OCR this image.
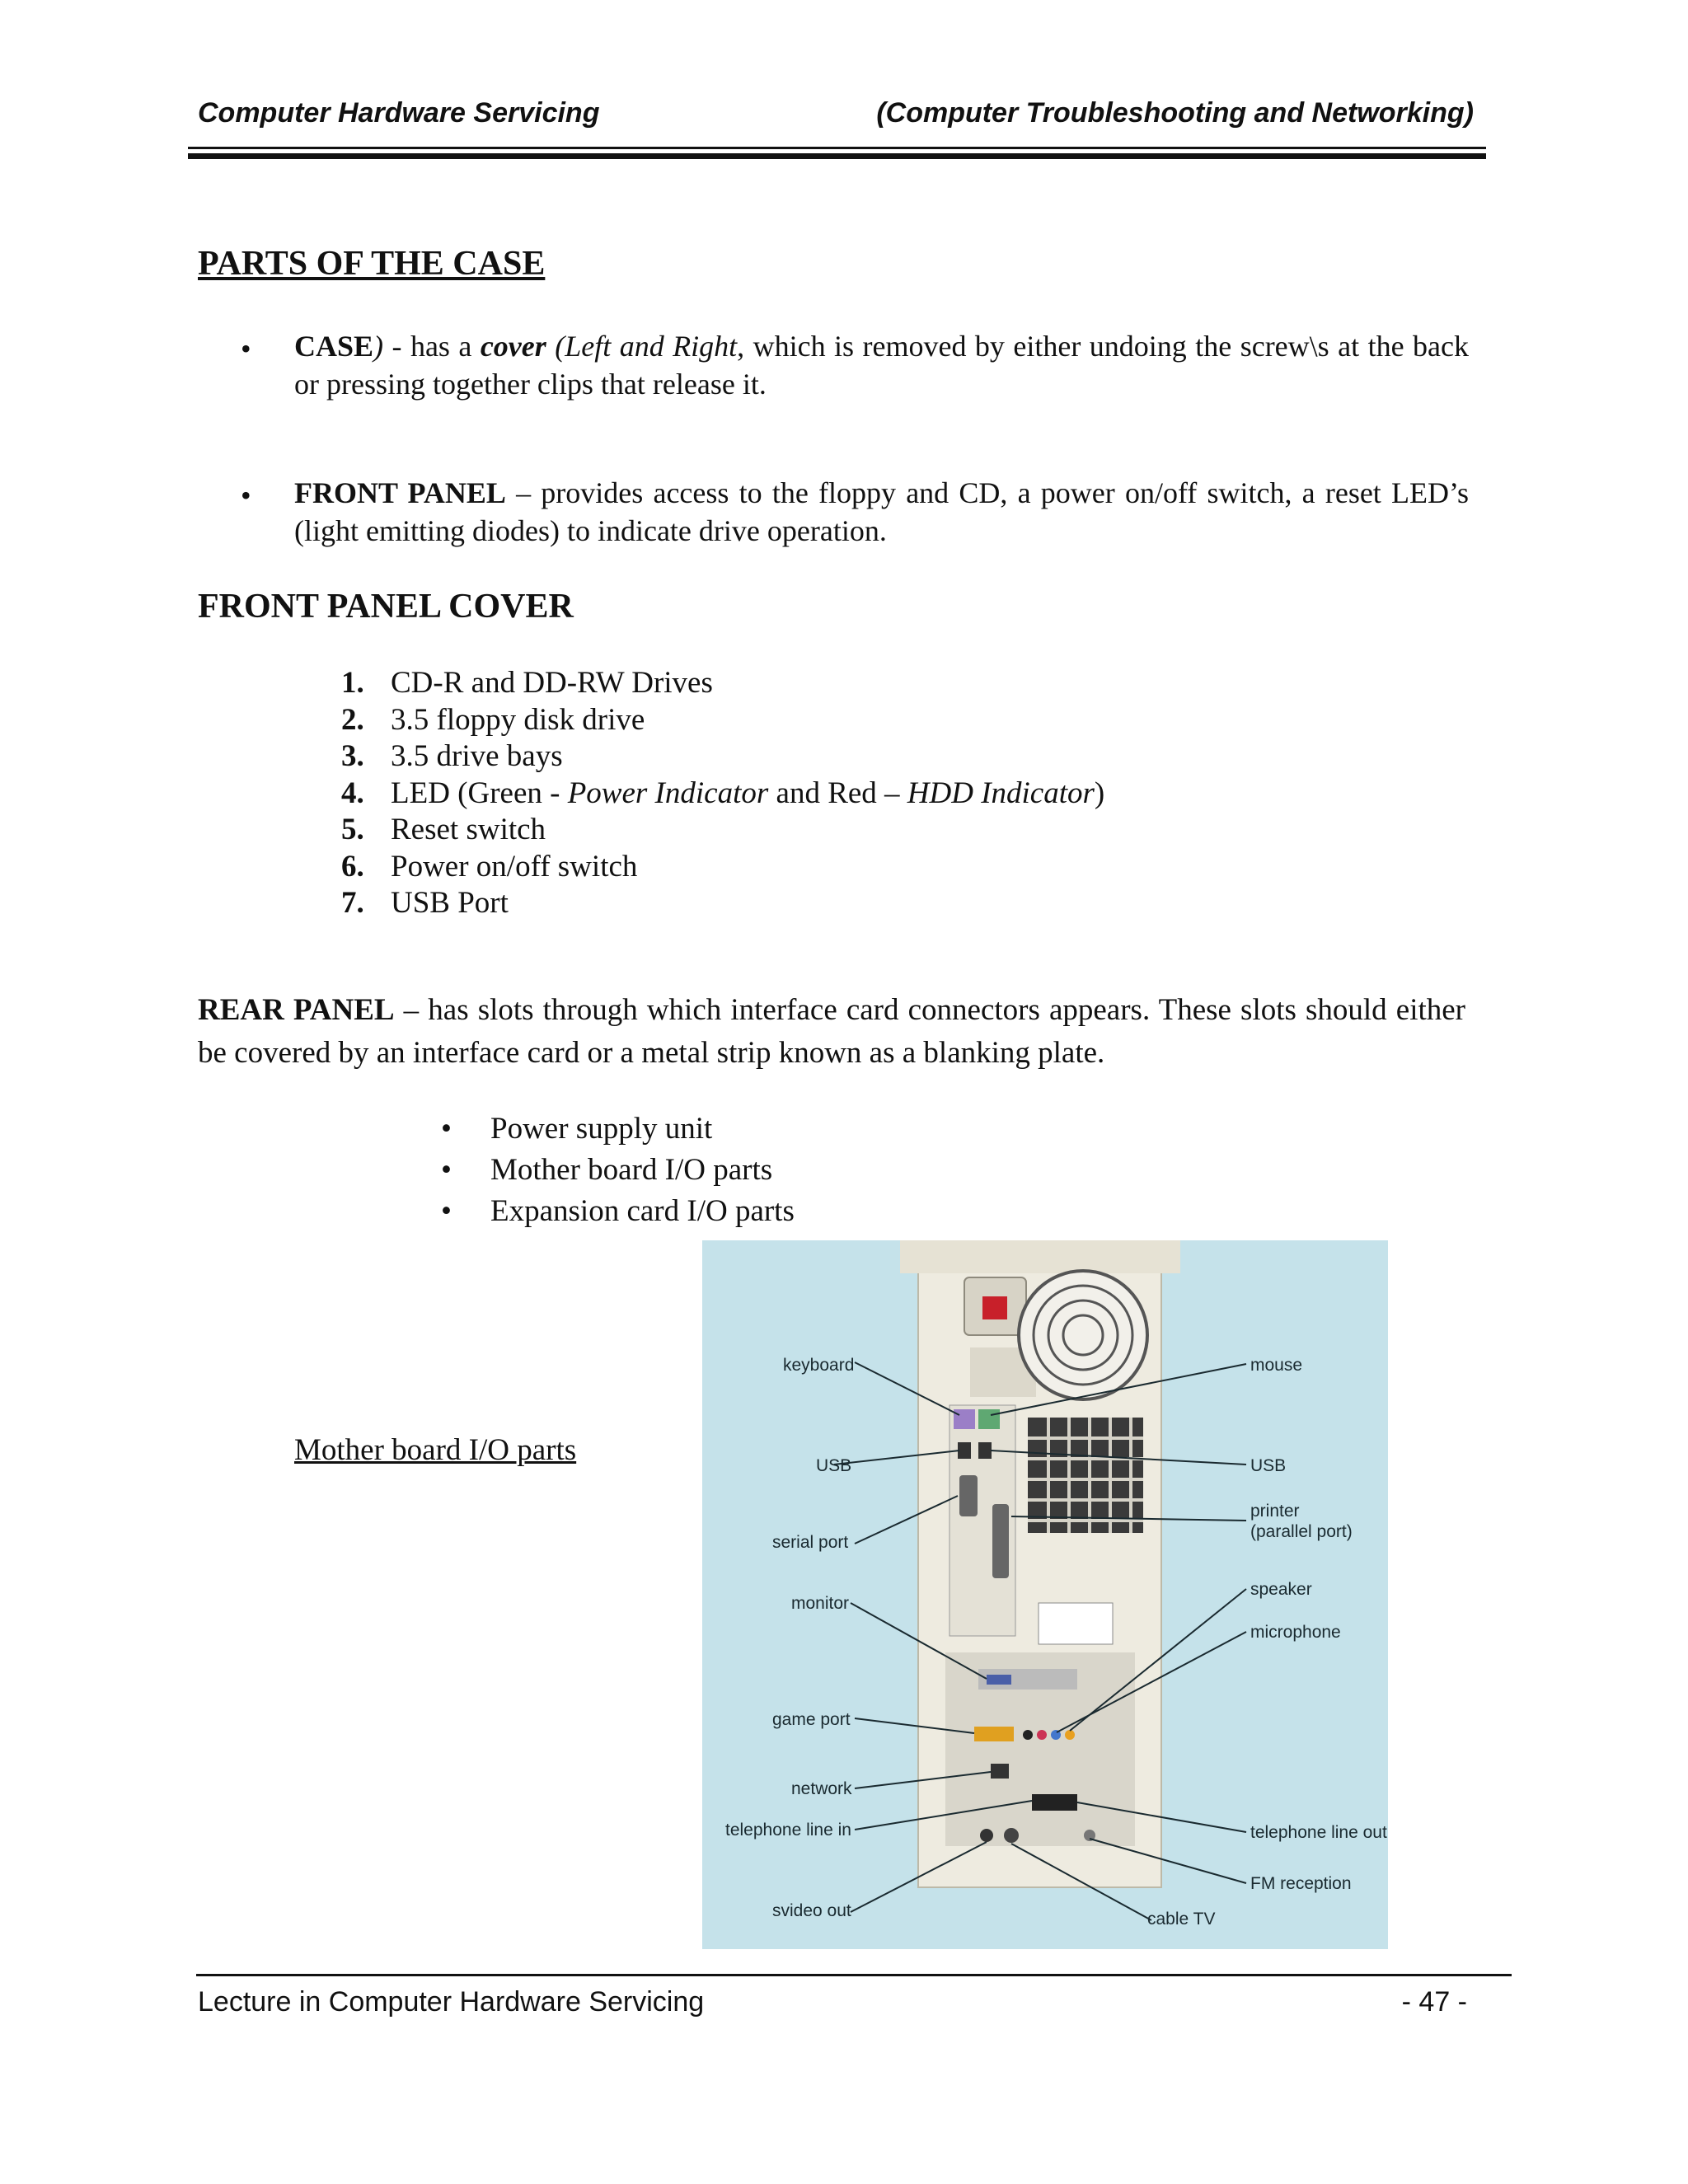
Computer Hardware Servicing	(Computer Troubleshooting and Networking)
PARTS OF THE CASE
• CASE) - has a cover (Left and Right, which is removed by either undoing the screw\s at the back or pressing together clips that release it.
• FRONT PANEL – provides access to the floppy and CD, a power on/off switch, a reset LED’s (light emitting diodes) to indicate drive operation.
FRONT PANEL COVER
1. CD-R and DD-RW Drives
2. 3.5 floppy disk drive
3. 3.5 drive bays
4. LED (Green - Power Indicator and Red – HDD Indicator)
5. Reset switch
6. Power on/off switch
7. USB Port
REAR PANEL – has slots through which interface card connectors appears. These slots should either be covered by an interface card or a metal strip known as a blanking plate.
•	Power supply unit
•	Mother board I/O parts
•	Expansion card I/O parts
Mother board I/O parts
keyboard
USB
serial port
monitor
game port
network
telephone line in
svideo out
mouse
USB
printer
(parallel port)
speaker
microphone
telephone line out
FM reception
cable TV
Lecture in Computer Hardware Servicing	- 47 -
